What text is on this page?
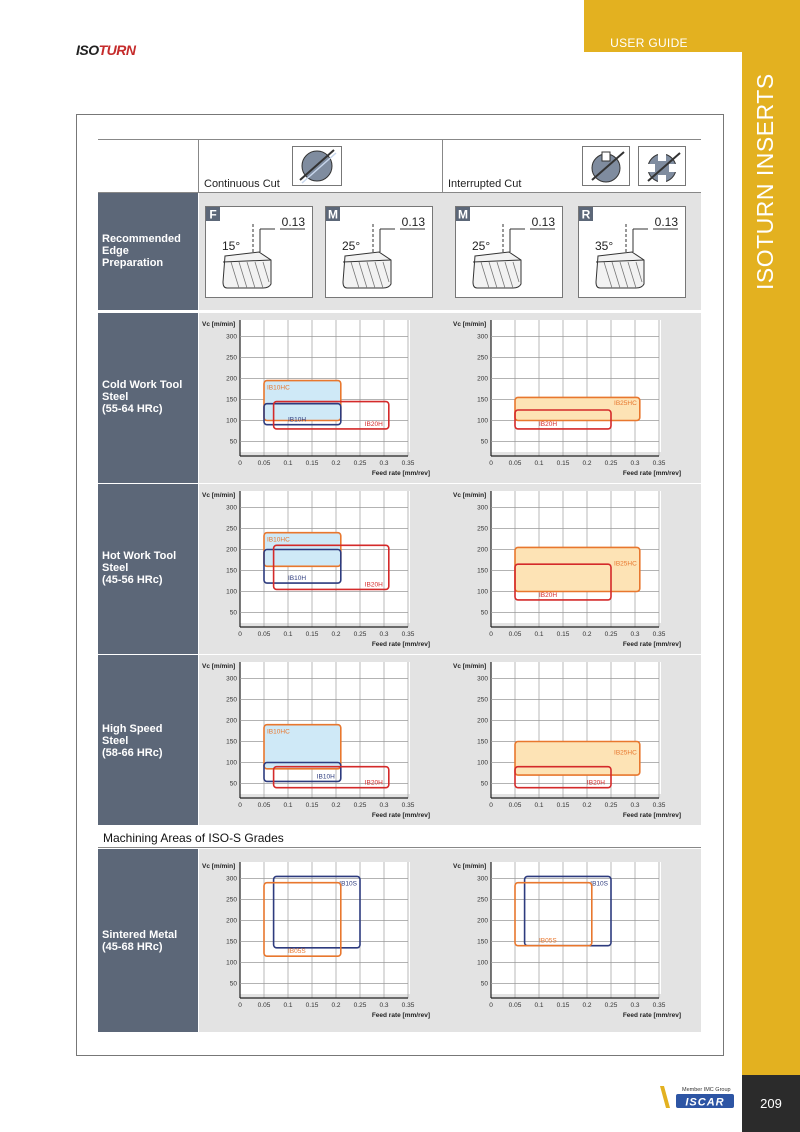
USER GUIDE
ISOTURN INSERTS
ISOTURN
209
Member IMC Group
ISCAR
Continuous Cut	Interrupted Cut
Recommended
Edge
Preparation
F
0.13
15°
M
0.13
25°
M
0.13
25°
R
0.13
35°
Cold Work Tool
Steel
(55-64 HRc)
Hot Work Tool
Steel
(45-56 HRc)
High Speed
Steel
(58-66 HRc)
Machining Areas of ISO-S Grades
Sintered Metal
(45-68 HRc)
Vc [m/min]
300
250
200
150
100
50
0 0.05 0.1 0.15 0.2 0.25 0.3 0.35
Feed rate [mm/rev]
IB10HC
IB10H
IB20H
Vc [m/min]
300
250
200
150
100
50
0 0.05 0.1 0.15 0.2 0.25 0.3 0.35
Feed rate [mm/rev]
IB25HC
IB20H
Vc [m/min]
300
250
200
150
100
50
0 0.05 0.1 0.15 0.2 0.25 0.3 0.35
Feed rate [mm/rev]
IB10HC
IB10H
IB20H
Vc [m/min]
300
250
200
150
100
50
0 0.05 0.1 0.15 0.2 0.25 0.3 0.35
Feed rate [mm/rev]
IB25HC
IB20H
Vc [m/min]
300
250
200
150
100
50
0 0.05 0.1 0.15 0.2 0.25 0.3 0.35
Feed rate [mm/rev]
IB10HC
IB10H
IB20H
Vc [m/min]
300
250
200
150
100
50
0 0.05 0.1 0.15 0.2 0.25 0.3 0.35
Feed rate [mm/rev]
IB25HC
IB20H
Vc [m/min]
300
250
200
150
100
50
0 0.05 0.1 0.15 0.2 0.25 0.3 0.35
Feed rate [mm/rev]
IB10S
IB05S
Vc [m/min]
300
250
200
150
100
50
0 0.05 0.1 0.15 0.2 0.25 0.3 0.35
Feed rate [mm/rev]
IB10S
IB05S
